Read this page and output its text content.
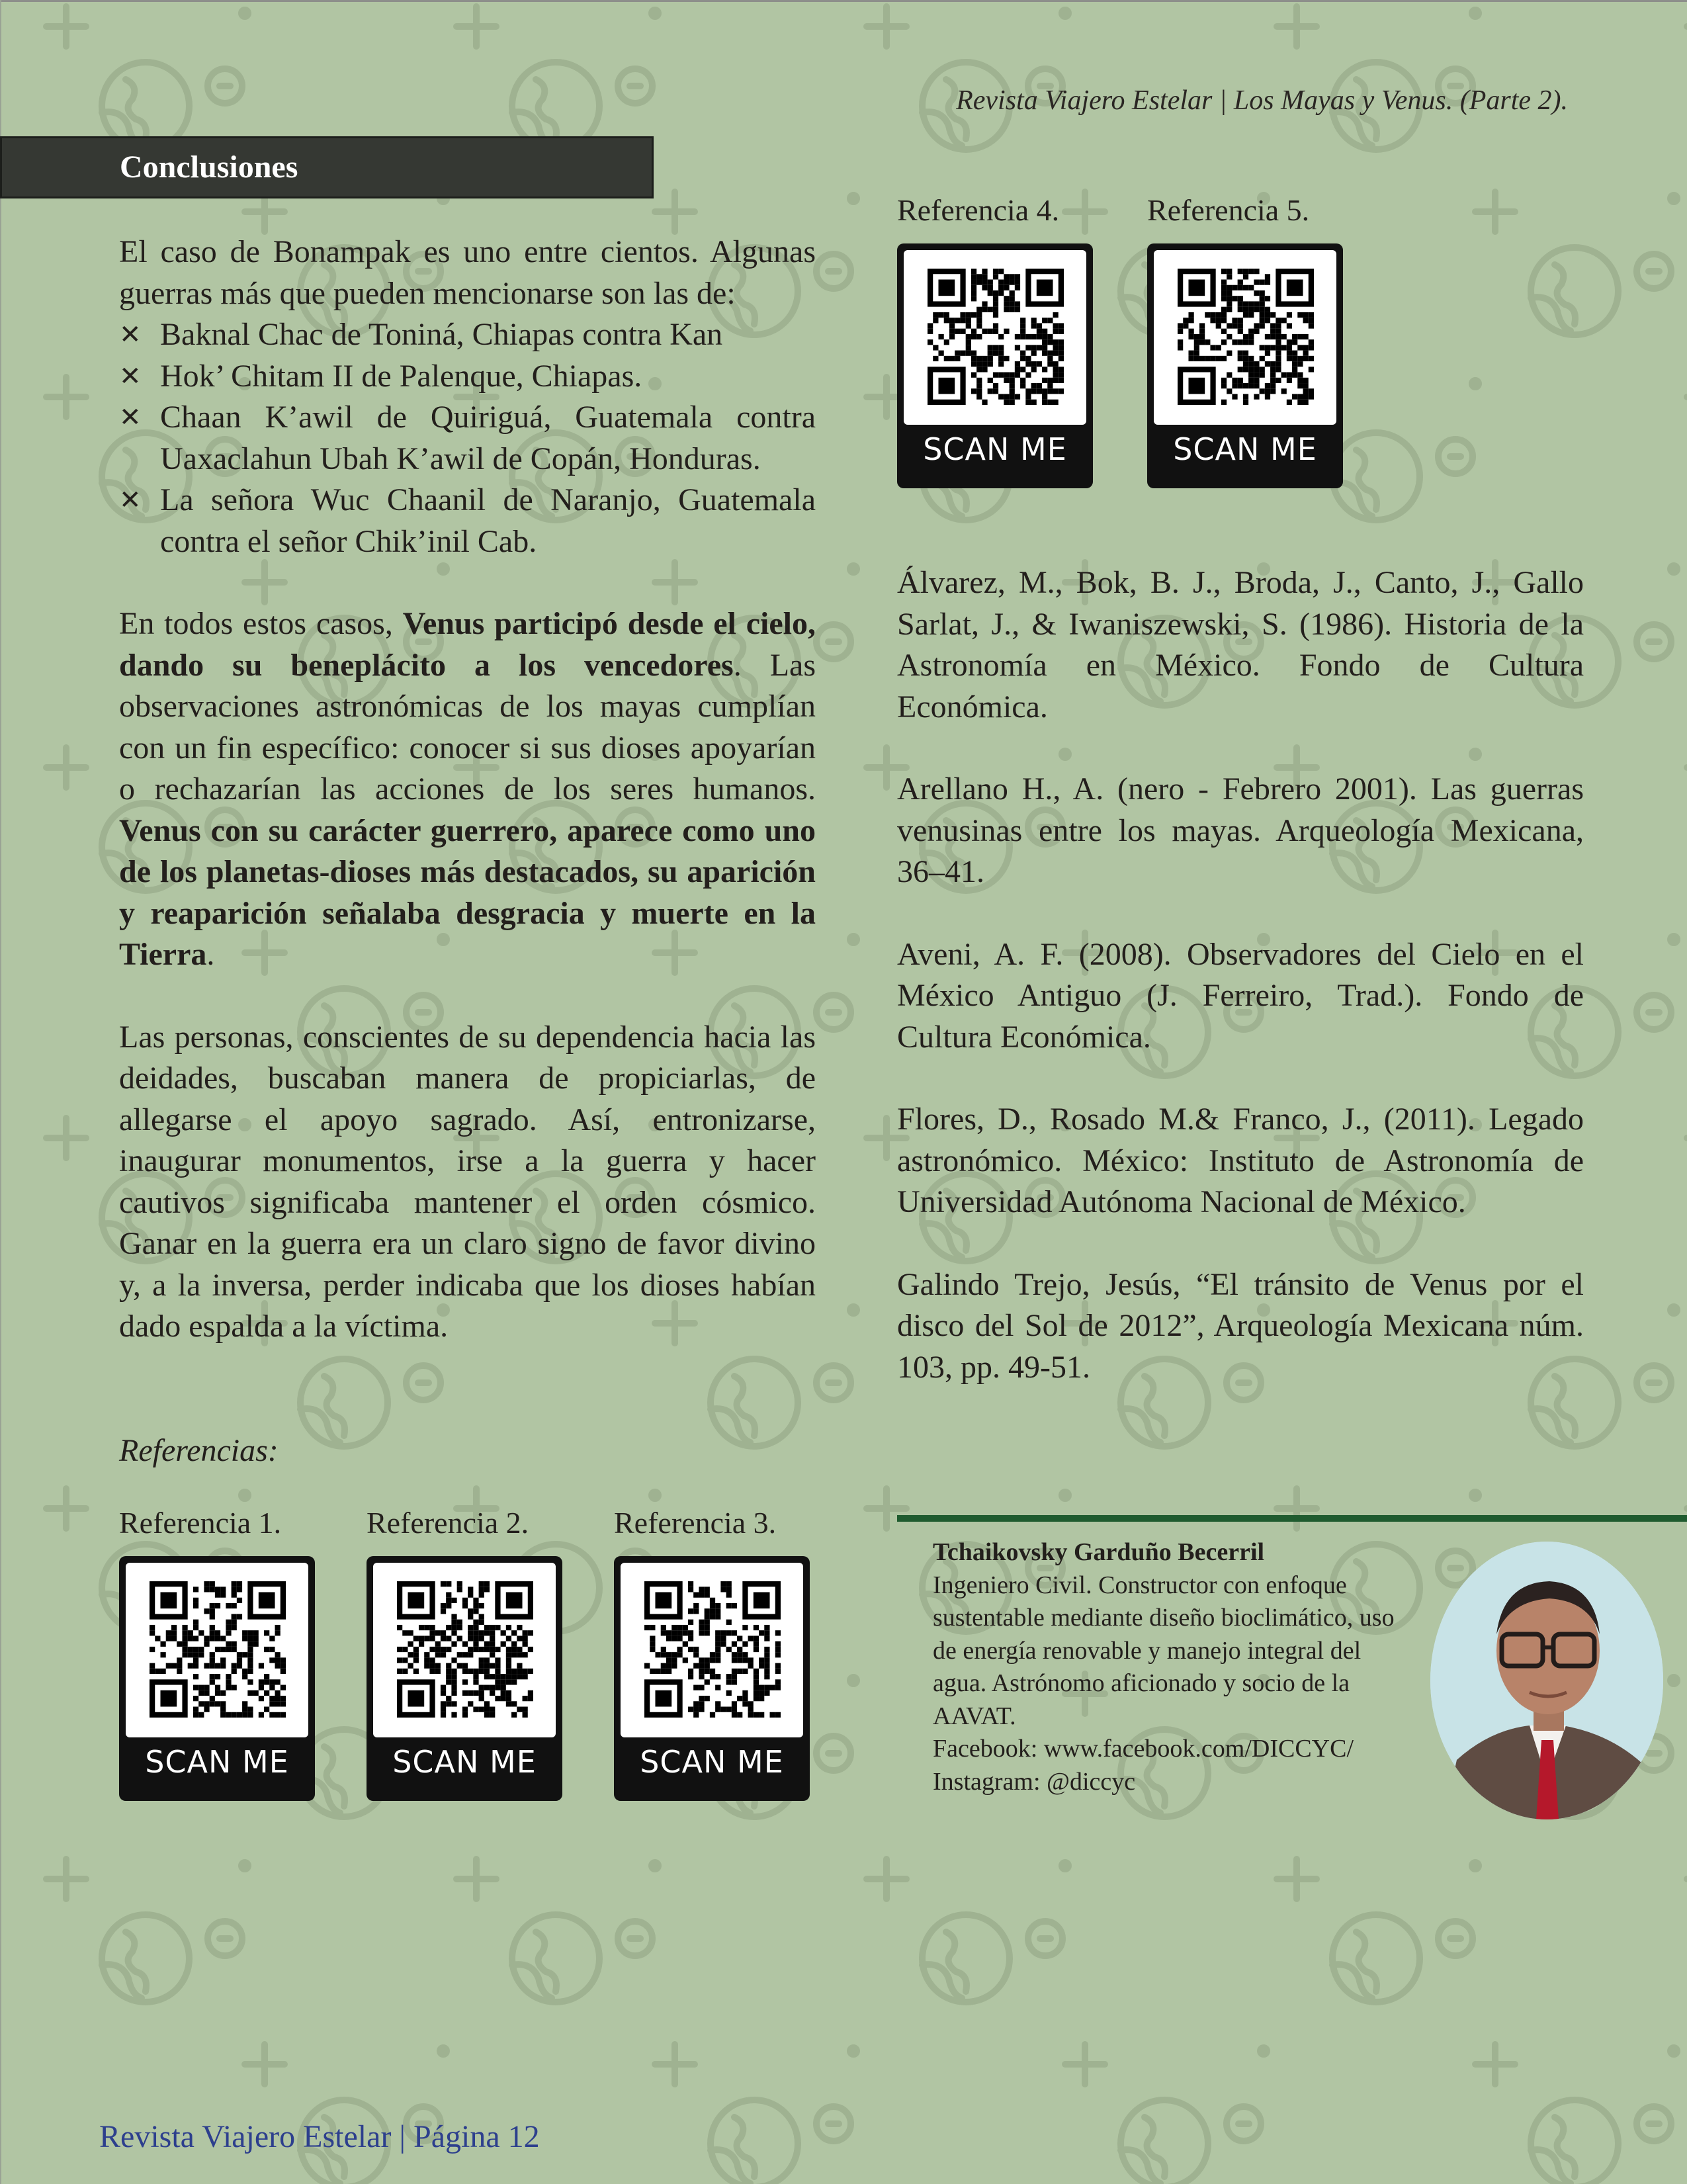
Revista Viajero Estelar | Los Mayas y Venus. (Parte 2).
Conclusiones

El caso de Bonampak es uno entre cientos. Algunas guerras más que pueden mencionarse son las de:

✕ Baknal Chac de Toniná, Chiapas contra Kan
✕ Hok’ Chitam II de Palenque, Chiapas.
✕ Chaan K’awil de Quiriguá, Guatemala contra Uaxaclahun Ubah K’awil de Copán, Honduras.
✕ La señora Wuc Chaanil de Naranjo, Guatemala contra el señor Chik’inil Cab.

En todos estos casos, Venus participó desde el cielo, dando su beneplácito a los vencedores. Las observaciones astronómicas de los mayas cumplían con un fin específico: conocer si sus dioses apoyarían o rechazarían las acciones de los seres humanos. Venus con su carácter guerrero, aparece como uno de los planetas-dioses más destacados, su aparición y reaparición señalaba desgracia y muerte en la Tierra.

Las personas, conscientes de su dependencia hacia las deidades, buscaban manera de propiciarlas, de allegarse el apoyo sagrado. Así, entronizarse, inaugurar monumentos, irse a la guerra y hacer cautivos significaba mantener el orden cósmico. Ganar en la guerra era un claro signo de favor divino y, a la inversa, perder indicaba que los dioses habían dado espalda a la víctima.

Referencias:
Referencia 1.
SCAN ME
Referencia 2.
SCAN ME
Referencia 3.
SCAN ME
Referencia 4.
SCAN ME
Referencia 5.
SCAN ME

Álvarez, M., Bok, B. J., Broda, J., Canto, J., Gallo Sarlat, J., & Iwaniszewski, S. (1986). Historia de la Astronomía en México. Fondo de Cultura Económica.

Arellano H., A. (nero - Febrero 2001). Las guerras venusinas entre los mayas. Arqueología Mexicana, 36–41.

Aveni, A. F. (2008). Observadores del Cielo en el México Antiguo (J. Ferreiro, Trad.). Fondo de Cultura Económica.

Flores, D., Rosado M.& Franco, J., (2011). Legado astronómico. México: Instituto de Astronomía de Universidad Autónoma Nacional de México.

Galindo Trejo, Jesús, “El tránsito de Venus por el disco del Sol de 2012”, Arqueología Mexicana núm. 103, pp. 49-51.

Tchaikovsky Garduño Becerril
Ingeniero Civil. Constructor con enfoque sustentable mediante diseño bioclimático, uso de energía renovable y manejo integral del agua. Astrónomo aficionado y socio de la AAVAT.
Facebook: www.facebook.com/DICCYC/
Instagram: @diccyc
Revista Viajero Estelar | Página 12
